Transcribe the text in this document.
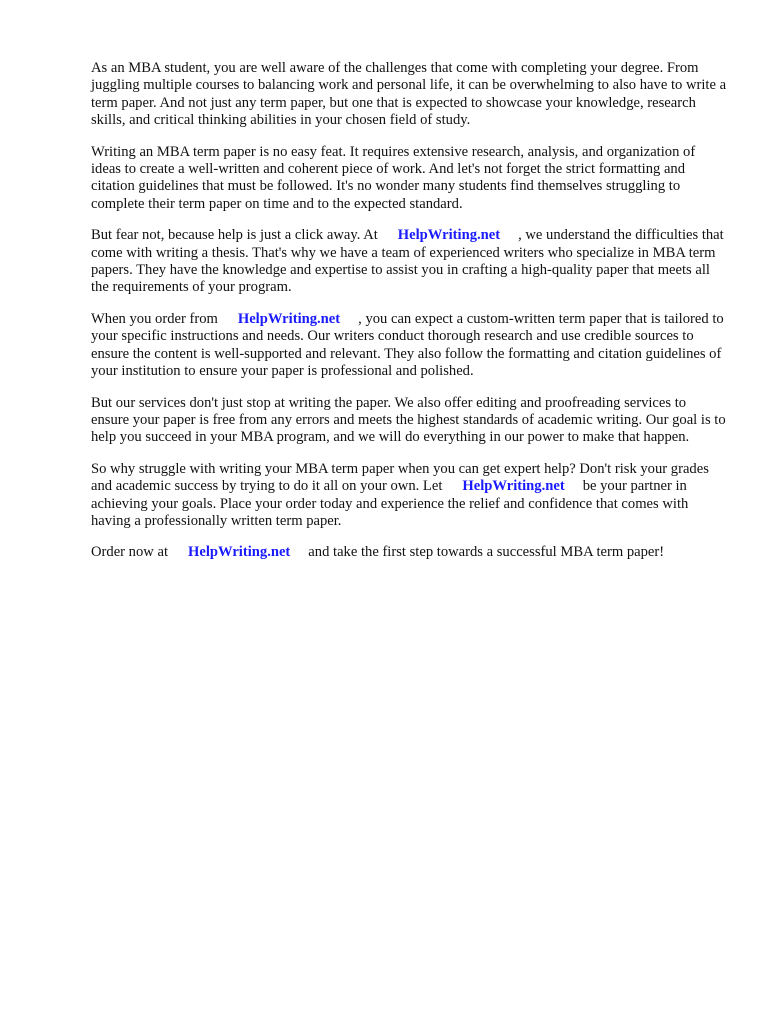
As an MBA student, you are well aware of the challenges that come with completing your degree. From juggling multiple courses to balancing work and personal life, it can be overwhelming to also have to write a term paper. And not just any term paper, but one that is expected to showcase your knowledge, research skills, and critical thinking abilities in your chosen field of study.

Writing an MBA term paper is no easy feat. It requires extensive research, analysis, and organization of ideas to create a well-written and coherent piece of work. And let's not forget the strict formatting and citation guidelines that must be followed. It's no wonder many students find themselves struggling to complete their term paper on time and to the expected standard.

But fear not, because help is just a click away. At HelpWriting.net , we understand the difficulties that come with writing a thesis. That's why we have a team of experienced writers who specialize in MBA term papers. They have the knowledge and expertise to assist you in crafting a high-quality paper that meets all the requirements of your program.

When you order from HelpWriting.net , you can expect a custom-written term paper that is tailored to your specific instructions and needs. Our writers conduct thorough research and use credible sources to ensure the content is well-supported and relevant. They also follow the formatting and citation guidelines of your institution to ensure your paper is professional and polished.

But our services don't just stop at writing the paper. We also offer editing and proofreading services to ensure your paper is free from any errors and meets the highest standards of academic writing. Our goal is to help you succeed in your MBA program, and we will do everything in our power to make that happen.

So why struggle with writing your MBA term paper when you can get expert help? Don't risk your grades and academic success by trying to do it all on your own. Let HelpWriting.net be your partner in achieving your goals. Place your order today and experience the relief and confidence that comes with having a professionally written term paper.

Order now at HelpWriting.net and take the first step towards a successful MBA term paper!
